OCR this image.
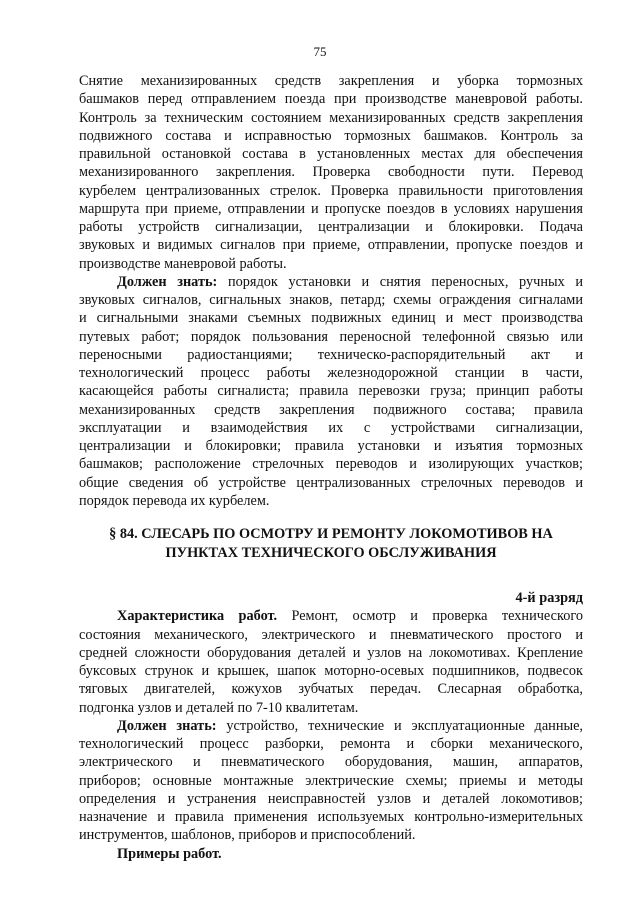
75

Снятие механизированных средств закрепления и уборка тормозных

башмаков перед отправлением поезда при производстве маневровой работы.

Контроль за техническим состоянием механизированных средств закрепления

подвижного состава и исправностью тормозных башмаков. Контроль за

правильной остановкой состава в установленных местах для обеспечения

механизированного закрепления. Проверка свободности пути. Перевод

курбелем централизованных стрелок. Проверка правильности приготовления

маршрута при приеме, отправлении и пропуске поездов в условиях нарушения

работы устройств сигнализации, централизации и блокировки. Подача

звуковых и видимых сигналов при приеме, отправлении, пропуске поездов и

производстве маневровой работы.

Должен знать: порядок установки и снятия переносных, ручных и

звуковых сигналов, сигнальных знаков, петард; схемы ограждения сигналами

и сигнальными знаками съемных подвижных единиц и мест производства

путевых работ; порядок пользования переносной телефонной связью или

переносными радиостанциями; техническо-распорядительный акт и

технологический процесс работы железнодорожной станции в части,

касающейся работы сигналиста; правила перевозки груза; принцип работы

механизированных средств закрепления подвижного состава; правила

эксплуатации и взаимодействия их с устройствами сигнализации,

централизации и блокировки; правила установки и изъятия тормозных

башмаков; расположение стрелочных переводов и изолирующих участков;

общие сведения об устройстве централизованных стрелочных переводов и

порядок перевода их курбелем.

§ 84. СЛЕСАРЬ ПО ОСМОТРУ И РЕМОНТУ ЛОКОМОТИВОВ НА
ПУНКТАХ ТЕХНИЧЕСКОГО ОБСЛУЖИВАНИЯ

4-й разряд

Характеристика работ. Ремонт, осмотр и проверка технического

состояния механического, электрического и пневматического простого и

средней сложности оборудования деталей и узлов на локомотивах. Крепление

буксовых струнок и крышек, шапок моторно-осевых подшипников, подвесок

тяговых двигателей, кожухов зубчатых передач. Слесарная обработка,

подгонка узлов и деталей по 7-10 квалитетам.

Должен знать: устройство, технические и эксплуатационные данные,

технологический процесс разборки, ремонта и сборки механического,

электрического и пневматического оборудования, машин, аппаратов,

приборов; основные монтажные электрические схемы; приемы и методы

определения и устранения неисправностей узлов и деталей локомотивов;

назначение и правила применения используемых контрольно-измерительных

инструментов, шаблонов, приборов и приспособлений.

Примеры работ.
